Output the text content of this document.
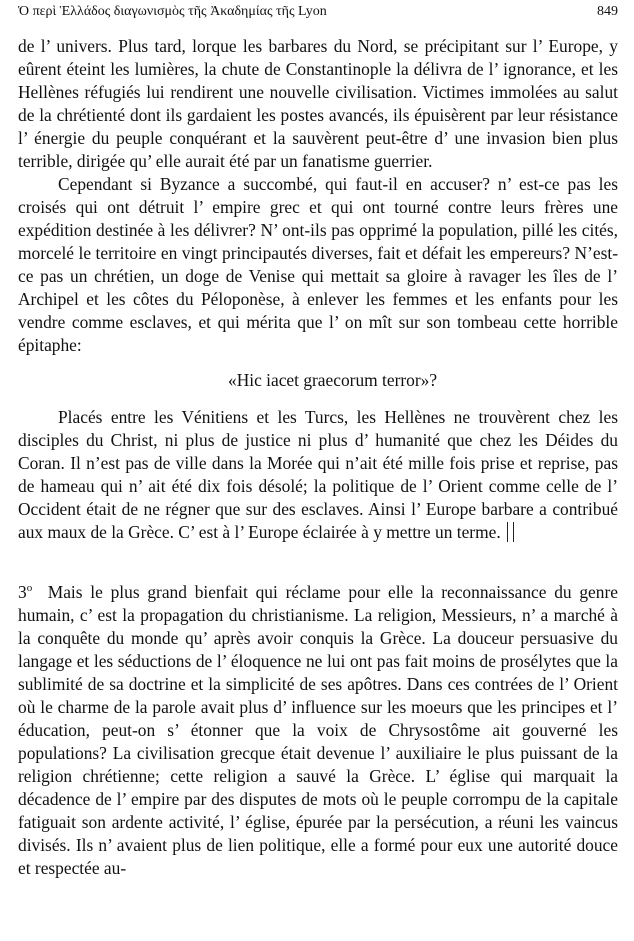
Ὁ περὶ Ἑλλάδος διαγωνισμὸς τῆς Ἀκαδημίας τῆς Lyon	849

de l’ univers. Plus tard, lorque les barbares du Nord, se précipitant sur l’ Europe, y eûrent éteint les lumières, la chute de Constantinople la délivra de l’ ignorance, et les Hellènes réfugiés lui rendirent une nouvelle civilisation. Victimes immolées au salut de la chrétienté dont ils gardaient les postes avancés, ils épuisèrent par leur résistance l’ énergie du peuple conquérant et la sauvèrent peut-être d’ une invasion bien plus terrible, dirigée qu’ elle aurait été par un fanatisme guerrier.

Cependant si Byzance a succombé, qui faut-il en accuser? n’ est-ce pas les croisés qui ont détruit l’ empire grec et qui ont tourné contre leurs frères une expédition destinée à les délivrer? N’ ont-ils pas opprimé la population, pillé les cités, morcelé le territoire en vingt principautés diverses, fait et défait les empereurs? N’est-ce pas un chrétien, un doge de Venise qui mettait sa gloire à ravager les îles de l’ Archipel et les côtes du Péloponèse, à enlever les femmes et les enfants pour les vendre comme esclaves, et qui mérita que l’ on mît sur son tombeau cette horrible épitaphe:

«Hic iacet graecorum terror»?

Placés entre les Vénitiens et les Turcs, les Hellènes ne trouvèrent chez les disciples du Christ, ni plus de justice ni plus d’ humanité que chez les Déides du Coran. Il n’est pas de ville dans la Morée qui n’ait été mille fois prise et reprise, pas de hameau qui n’ ait été dix fois désolé; la politique de l’ Orient comme celle de l’ Occident était de ne régner que sur des esclaves. Ainsi l’ Europe barbare a contribué aux maux de la Grèce. C’ est à l’ Europe éclairée à y mettre un terme.

3$^o$ Mais le plus grand bienfait qui réclame pour elle la reconnaissance du genre humain, c’ est la propagation du christianisme. La religion, Messieurs, n’ a marché à la conquête du monde qu’ après avoir conquis la Grèce. La douceur persuasive du langage et les séductions de l’ éloquence ne lui ont pas fait moins de prosélytes que la sublimité de sa doctrine et la simplicité de ses apôtres. Dans ces contrées de l’ Orient où le charme de la parole avait plus d’ influence sur les moeurs que les principes et l’ éducation, peut-on s’ étonner que la voix de Chrysostôme ait gouverné les populations? La civilisation grecque était devenue l’ auxiliaire le plus puissant de la religion chrétienne; cette religion a sauvé la Grèce. L’ église qui marquait la décadence de l’ empire par des disputes de mots où le peuple corrompu de la capitale fatiguait son ardente activité, l’ église, épurée par la persécution, a réuni les vaincus divisés. Ils n’ avaient plus de lien politique, elle a formé pour eux une autorité douce et respectée au-
